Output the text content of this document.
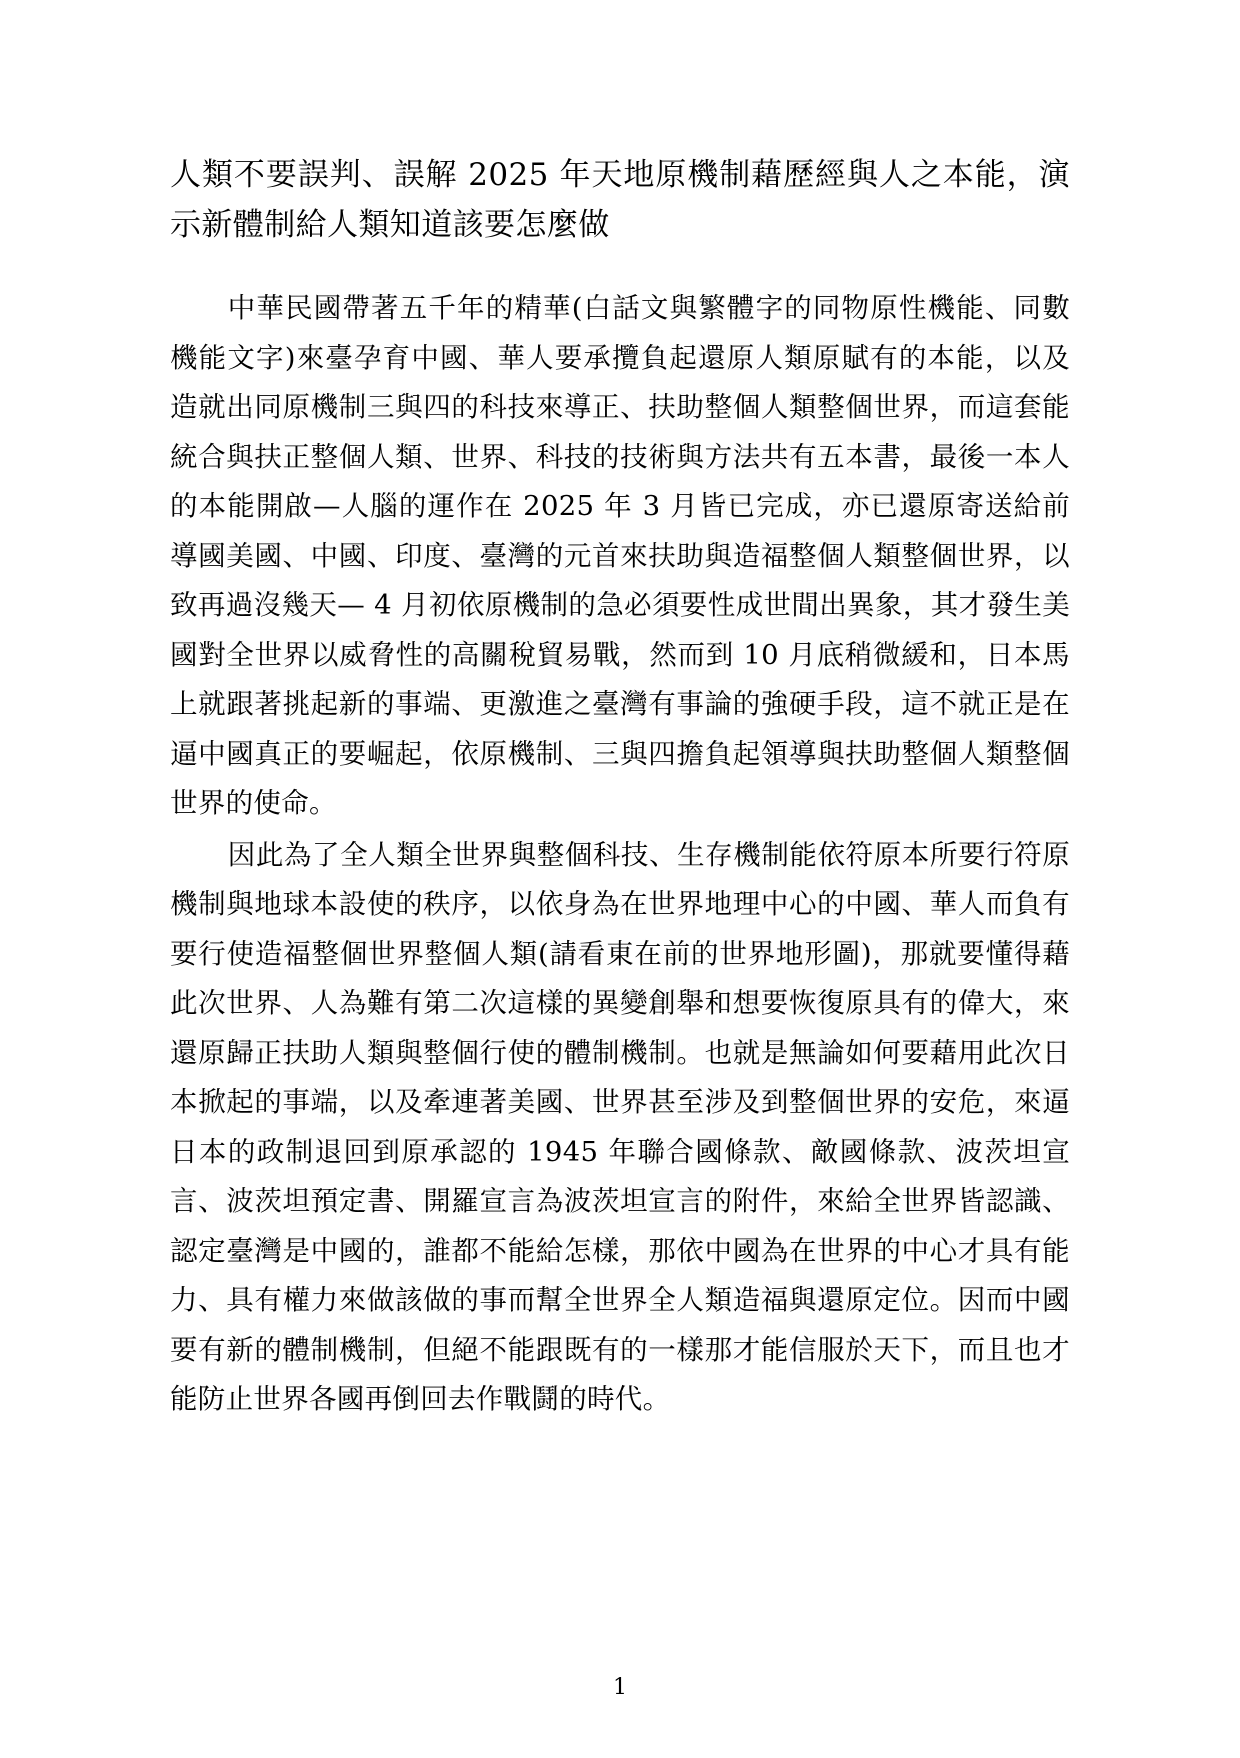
人類不要誤判、誤解 2025 年天地原機制藉歷經與人之本能，演示新體制給人類知道該要怎麼做

中華民國帶著五千年的精華(白話文與繁體字的同物原性機能、同數機能文字)來臺孕育中國、華人要承攬負起還原人類原賦有的本能，以及造就出同原機制三與四的科技來導正、扶助整個人類整個世界，而這套能統合與扶正整個人類、世界、科技的技術與方法共有五本書，最後一本人的本能開啟—人腦的運作在 2025 年 3 月皆已完成，亦已還原寄送給前導國美國、中國、印度、臺灣的元首來扶助與造福整個人類整個世界，以致再過沒幾天— 4 月初依原機制的急必須要性成世間出異象，其才發生美國對全世界以威脅性的高關稅貿易戰，然而到 10 月底稍微緩和，日本馬上就跟著挑起新的事端、更激進之臺灣有事論的強硬手段，這不就正是在逼中國真正的要崛起，依原機制、三與四擔負起領導與扶助整個人類整個世界的使命。

因此為了全人類全世界與整個科技、生存機制能依符原本所要行符原機制與地球本設使的秩序，以依身為在世界地理中心的中國、華人而負有要行使造福整個世界整個人類(請看東在前的世界地形圖)，那就要懂得藉此次世界、人為難有第二次這樣的異變創舉和想要恢復原具有的偉大，來還原歸正扶助人類與整個行使的體制機制。也就是無論如何要藉用此次日本掀起的事端，以及牽連著美國、世界甚至涉及到整個世界的安危，來逼日本的政制退回到原承認的 1945 年聯合國條款、敵國條款、波茨坦宣言、波茨坦預定書、開羅宣言為波茨坦宣言的附件，來給全世界皆認識、認定臺灣是中國的，誰都不能給怎樣，那依中國為在世界的中心才具有能力、具有權力來做該做的事而幫全世界全人類造福與還原定位。因而中國要有新的體制機制，但絕不能跟既有的一樣那才能信服於天下，而且也才能防止世界各國再倒回去作戰鬪的時代。

1
